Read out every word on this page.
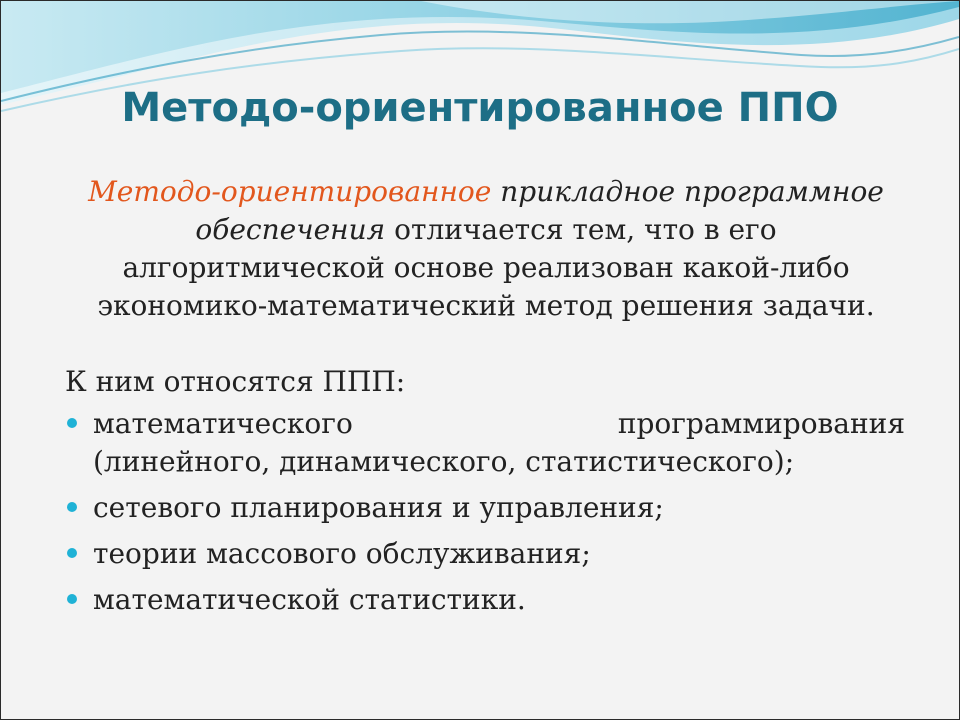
Методо-ориентированное ППО
Методо-ориентированное прикладное программное обеспечения отличается тем, что в его алгоритмической основе реализован какой-либо экономико-математический метод решения задачи.
К ним относятся ППП:
математического	программирования
(линейного, динамического, статистического);
сетевого планирования и управления;
теории массового обслуживания;
математической статистики.
